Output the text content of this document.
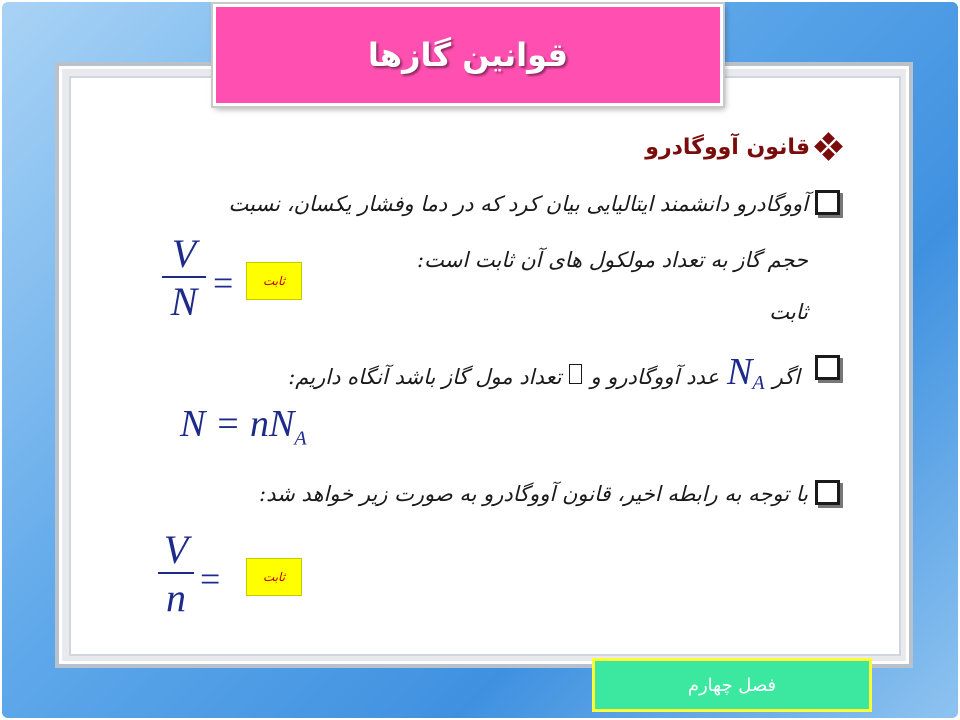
قوانین گازها
قانون آووگادرو
آووگادرو دانشمند ایتالیایی بیان کرد که در دما وفشار یکسان، نسبت
حجم گاز به تعداد مولکول های آن ثابت است:
ثابت
V
N =	ثابت
اگر
$N_A$
عدد آووگادرو و
تعداد مول گاز باشد آنگاه داریم:
$N = nN_A$
با توجه به رابطه اخیر، قانون آووگادرو به صورت زیر خواهد شد:
V
n =	ثابت
فصل چهارم
